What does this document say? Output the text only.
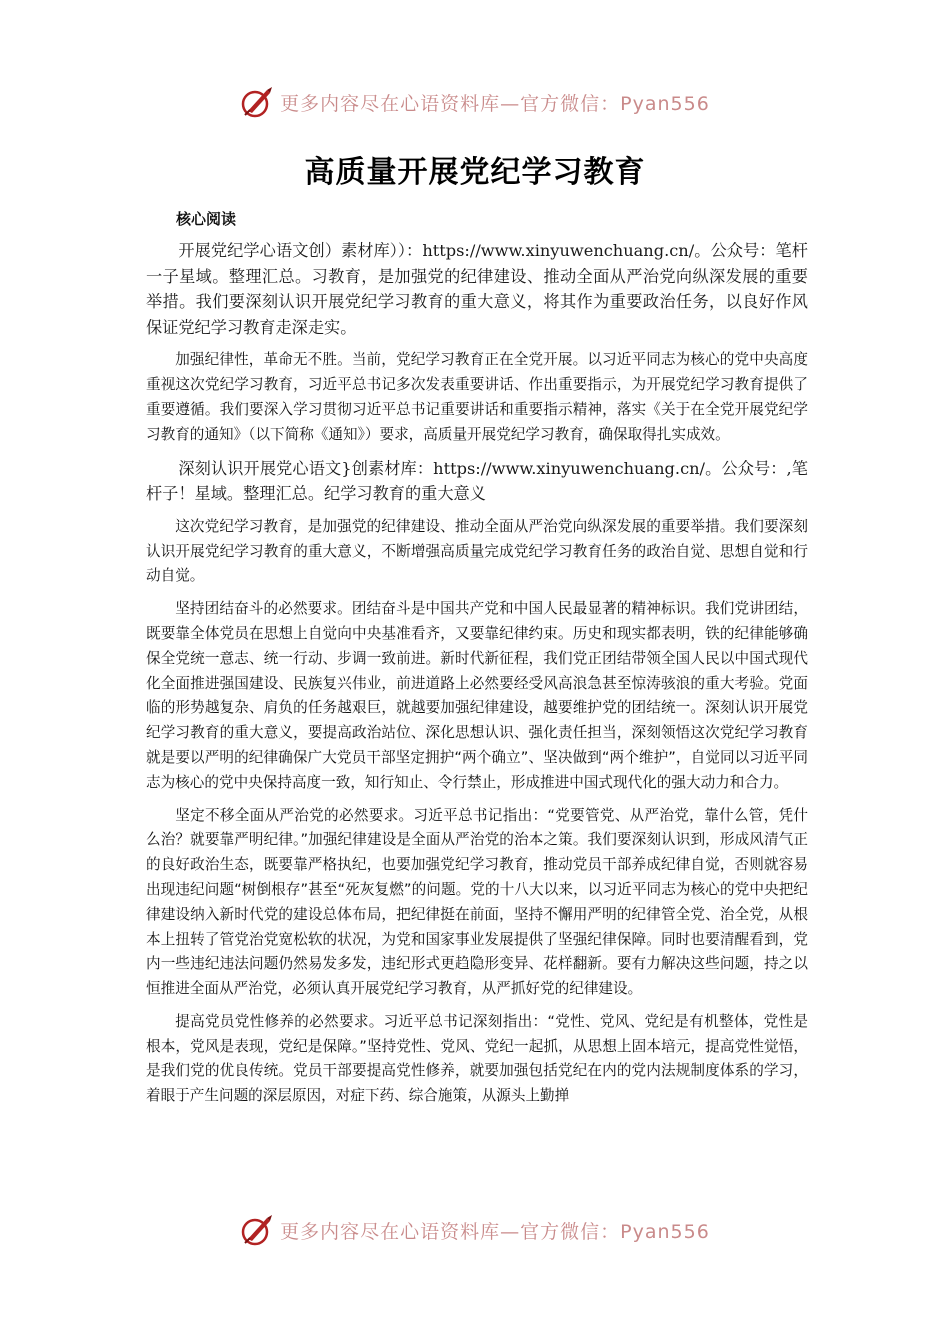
更多内容尽在心语资料库—官方微信：Pyan556
高质量开展党纪学习教育
核心阅读

开展党纪学心语文创）素材库））：https://www.xinyuwenchuang.cn/。公众号：笔杆一子星域。整理汇总。习教育，是加强党的纪律建设、推动全面从严治党向纵深发展的重要举措。我们要深刻认识开展党纪学习教育的重大意义，将其作为重要政治任务，以良好作风保证党纪学习教育走深走实。

加强纪律性，革命无不胜。当前，党纪学习教育正在全党开展。以习近平同志为核心的党中央高度重视这次党纪学习教育，习近平总书记多次发表重要讲话、作出重要指示，为开展党纪学习教育提供了重要遵循。我们要深入学习贯彻习近平总书记重要讲话和重要指示精神，落实《关于在全党开展党纪学习教育的通知》（以下简称《通知》）要求，高质量开展党纪学习教育，确保取得扎实成效。

深刻认识开展党心语文}创素材库：https://www.xinyuwenchuang.cn/。公众号：,笔杆子！星域。整理汇总。纪学习教育的重大意义

这次党纪学习教育，是加强党的纪律建设、推动全面从严治党向纵深发展的重要举措。我们要深刻认识开展党纪学习教育的重大意义，不断增强高质量完成党纪学习教育任务的政治自觉、思想自觉和行动自觉。

坚持团结奋斗的必然要求。团结奋斗是中国共产党和中国人民最显著的精神标识。我们党讲团结，既要靠全体党员在思想上自觉向中央基准看齐，又要靠纪律约束。历史和现实都表明，铁的纪律能够确保全党统一意志、统一行动、步调一致前进。新时代新征程，我们党正团结带领全国人民以中国式现代化全面推进强国建设、民族复兴伟业，前进道路上必然要经受风高浪急甚至惊涛骇浪的重大考验。党面临的形势越复杂、肩负的任务越艰巨，就越要加强纪律建设，越要维护党的团结统一。深刻认识开展党纪学习教育的重大意义，要提高政治站位、深化思想认识、强化责任担当，深刻领悟这次党纪学习教育就是要以严明的纪律确保广大党员干部坚定拥护“两个确立”、坚决做到“两个维护”，自觉同以习近平同志为核心的党中央保持高度一致，知行知止、令行禁止，形成推进中国式现代化的强大动力和合力。

坚定不移全面从严治党的必然要求。习近平总书记指出：“党要管党、从严治党，靠什么管，凭什么治？就要靠严明纪律。”加强纪律建设是全面从严治党的治本之策。我们要深刻认识到，形成风清气正的良好政治生态，既要靠严格执纪，也要加强党纪学习教育，推动党员干部养成纪律自觉，否则就容易出现违纪问题“树倒根存”甚至“死灰复燃”的问题。党的十八大以来，以习近平同志为核心的党中央把纪律建设纳入新时代党的建设总体布局，把纪律挺在前面，坚持不懈用严明的纪律管全党、治全党，从根本上扭转了管党治党宽松软的状况，为党和国家事业发展提供了坚强纪律保障。同时也要清醒看到，党内一些违纪违法问题仍然易发多发，违纪形式更趋隐形变异、花样翻新。要有力解决这些问题，持之以恒推进全面从严治党，必须认真开展党纪学习教育，从严抓好党的纪律建设。

提高党员党性修养的必然要求。习近平总书记深刻指出：“党性、党风、党纪是有机整体，党性是根本，党风是表现，党纪是保障。”坚持党性、党风、党纪一起抓，从思想上固本培元，提高党性觉悟，是我们党的优良传统。党员干部要提高党性修养，就要加强包括党纪在内的党内法规制度体系的学习，着眼于产生问题的深层原因，对症下药、综合施策，从源头上勤掸

更多内容尽在心语资料库—官方微信：Pyan556
